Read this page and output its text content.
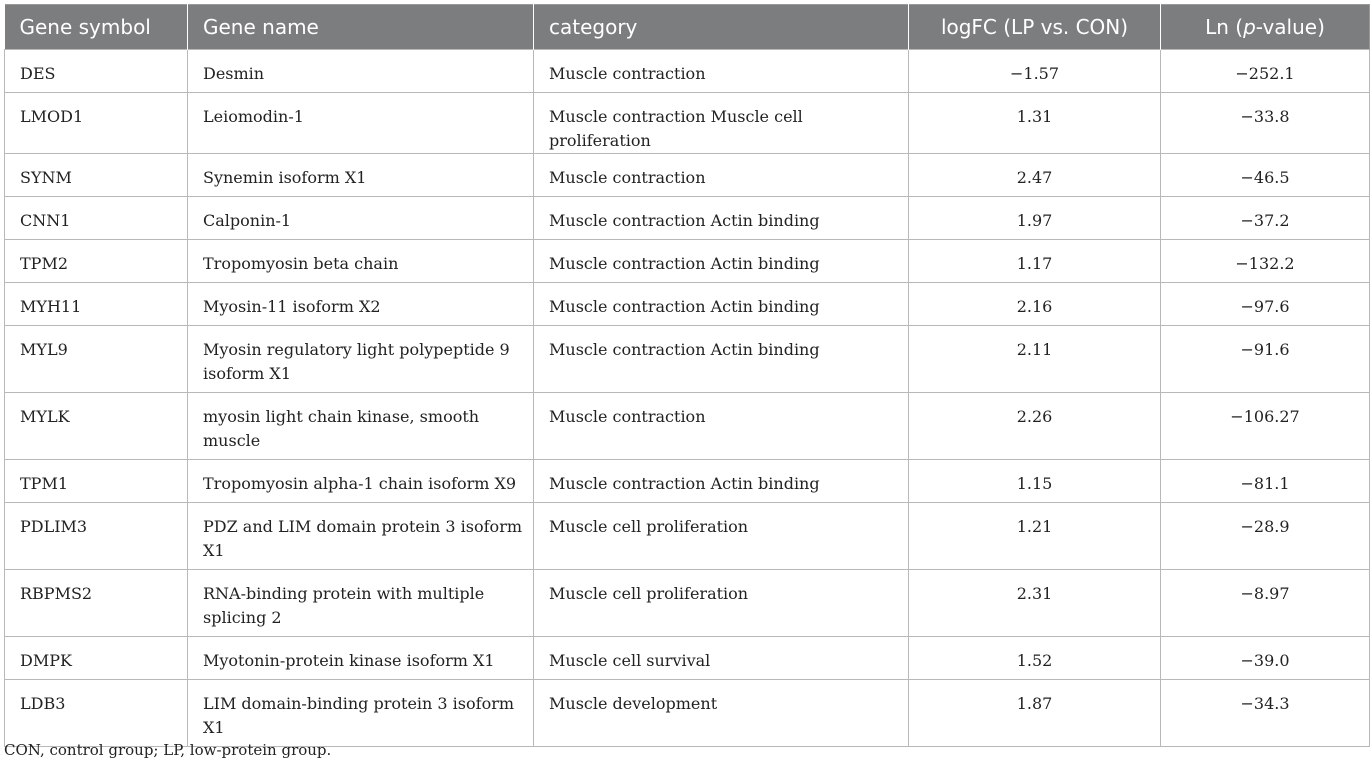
Gene symbol	Gene name	category	logFC (LP vs. CON)	Ln (p-value)
DES	Desmin	Muscle contraction	−1.57	−252.1
LMOD1	Leiomodin-1	Muscle contraction Muscle cell proliferation	1.31	−33.8
SYNM	Synemin isoform X1	Muscle contraction	2.47	−46.5
CNN1	Calponin-1	Muscle contraction Actin binding	1.97	−37.2
TPM2	Tropomyosin beta chain	Muscle contraction Actin binding	1.17	−132.2
MYH11	Myosin-11 isoform X2	Muscle contraction Actin binding	2.16	−97.6
MYL9	Myosin regulatory light polypeptide 9 isoform X1	Muscle contraction Actin binding	2.11	−91.6
MYLK	myosin light chain kinase, smooth muscle	Muscle contraction	2.26	−106.27
TPM1	Tropomyosin alpha-1 chain isoform X9	Muscle contraction Actin binding	1.15	−81.1
PDLIM3	PDZ and LIM domain protein 3 isoform X1	Muscle cell proliferation	1.21	−28.9
RBPMS2	RNA-binding protein with multiple splicing 2	Muscle cell proliferation	2.31	−8.97
DMPK	Myotonin-protein kinase isoform X1	Muscle cell survival	1.52	−39.0
LDB3	LIM domain-binding protein 3 isoform X1	Muscle development	1.87	−34.3
CON, control group; LP, low-protein group.
